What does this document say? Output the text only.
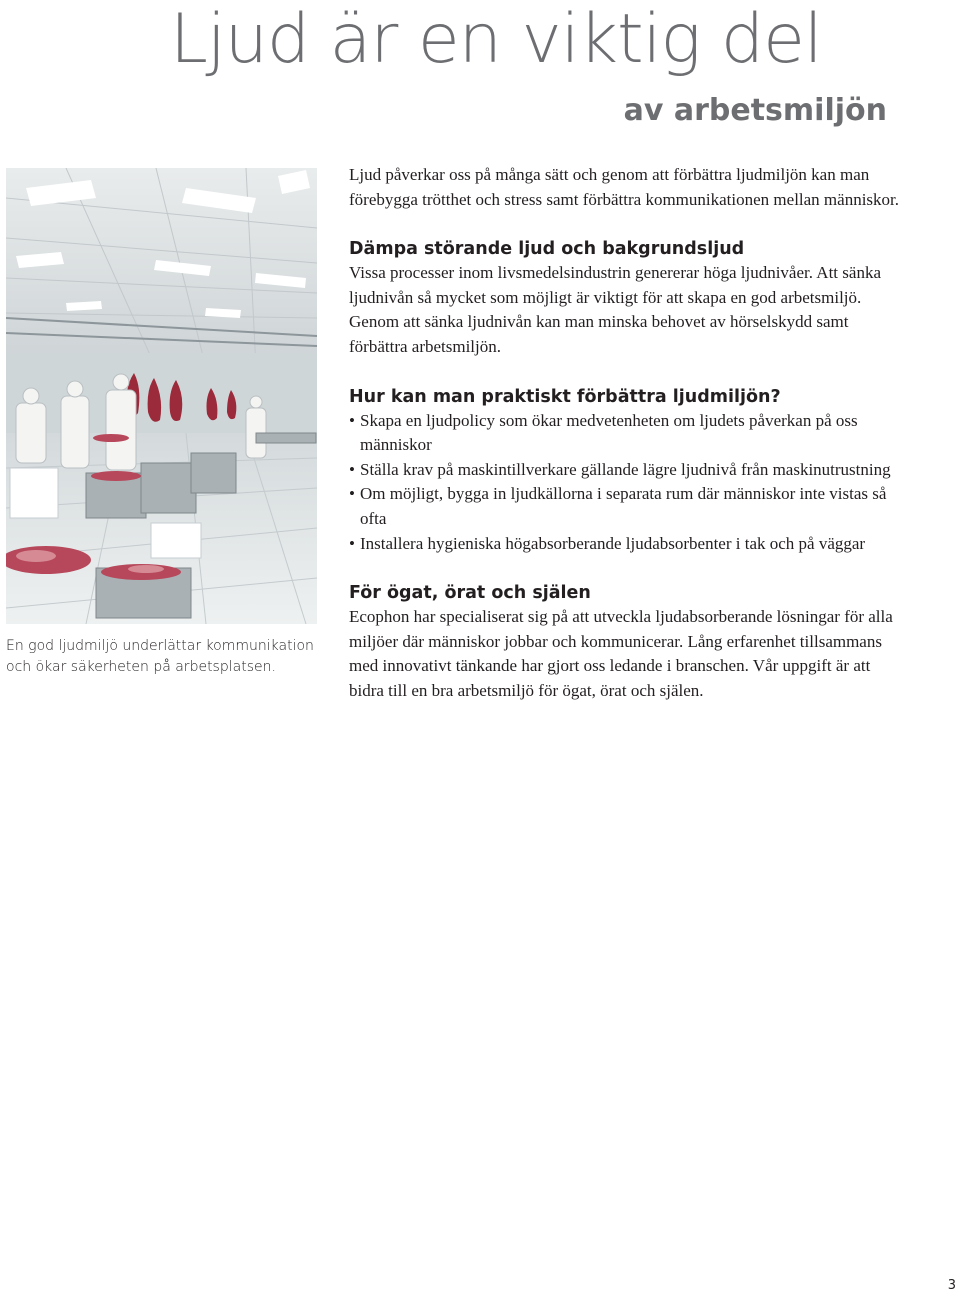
Ljud är en viktig del
av arbetsmiljön

En god ljudmiljö underlättar kommunikation och ökar säkerheten på arbetsplatsen.

Ljud påverkar oss på många sätt och genom att förbättra ljudmiljön kan man förebygga trötthet och stress samt förbättra kommunikationen mellan människor.

Dämpa störande ljud och bakgrundsljud

Vissa processer inom livsmedelsindustrin genererar höga ljudnivåer. Att sänka ljudnivån så mycket som möjligt är viktigt för att skapa en god arbetsmiljö. Genom att sänka ljudnivån kan man minska behovet av hörselskydd samt förbättra arbetsmiljön.

Hur kan man praktiskt förbättra ljudmiljön?
• Skapa en ljudpolicy som ökar medvetenheten om ljudets påverkan på oss människor
• Ställa krav på maskintillverkare gällande lägre ljudnivå från maskinutrustning
• Om möjligt, bygga in ljudkällorna i separata rum där människor inte vistas så ofta
• Installera hygieniska högabsorberande ljudabsorbenter i tak och på väggar
För ögat, örat och själen

Ecophon har specialiserat sig på att utveckla ljudabsorberande lösningar för alla miljöer där människor jobbar och kommunicerar. Lång erfarenhet tillsammans med innovativt tänkande har gjort oss ledande i branschen. Vår uppgift är att bidra till en bra arbetsmiljö för ögat, örat och själen.

3
